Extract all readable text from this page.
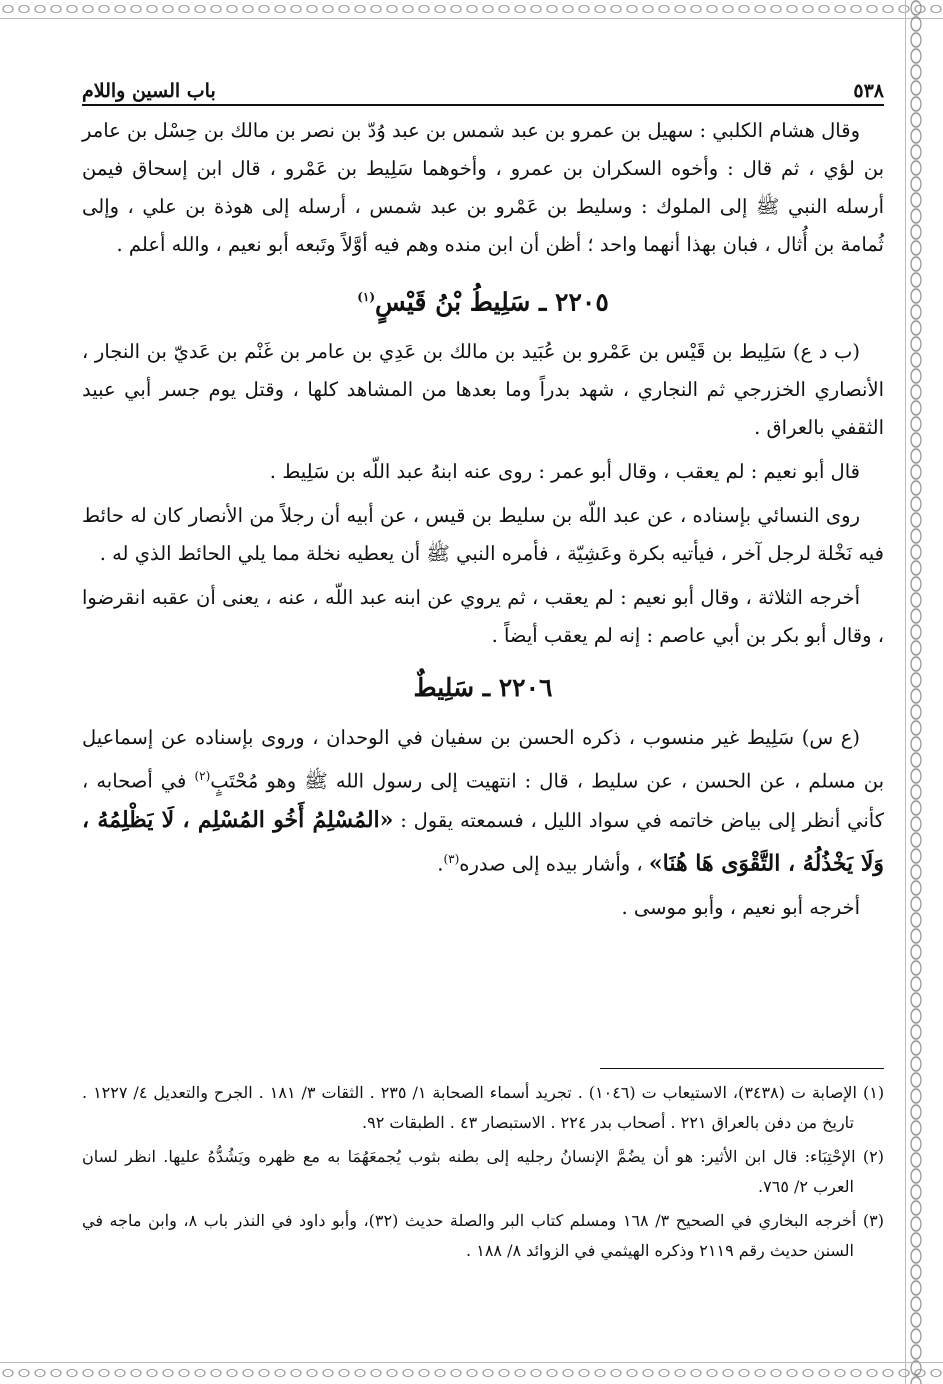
٥٣٨
باب السين واللام

وقال هشام الكلبي : سهيل بن عمرو بن عبد شمس بن عبد وُدّ بن نصر بن مالك بن حِسْل بن عامر بن لؤي ، ثم قال : وأخوه السكران بن عمرو ، وأخوهما سَلِيط بن عَمْرو ، قال ابن إسحاق فيمن أرسله النبي ﷺ إلى الملوك : وسليط بن عَمْرو بن عبد شمس ، أرسله إلى هوذة بن علي ، وإلى ثُمامة بن أُثال ، فبان بهذا أنهما واحد ؛ أظن أن ابن منده وهم فيه أوَّلاً وتَبعه أبو نعيم ، والله أعلم .

٢٢٠٥ ـ سَلِيطُ بْنُ قَيْسٍ$^{(١)}$

(ب د ع) سَلِيط بن قَيْس بن عَمْرو بن عُبَيد بن مالك بن عَدِي بن عامر بن غَنْم بن عَديّ بن النجار ، الأنصاري الخزرجي ثم النجاري ، شهد بدراً وما بعدها من المشاهد كلها ، وقتل يوم جسر أبي عبيد الثقفي بالعراق .

قال أبو نعيم : لم يعقب ، وقال أبو عمر : روى عنه ابنهُ عبد اللّه بن سَلِيط .

روى النسائي بإسناده ، عن عبد اللّه بن سليط بن قيس ، عن أبيه أن رجلاً من الأنصار كان له حائط فيه نَخْلة لرجل آخر ، فيأتيه بكرة وعَشِيّة ، فأمره النبي ﷺ أن يعطيه نخلة مما يلي الحائط الذي له .

أخرجه الثلاثة ، وقال أبو نعيم : لم يعقب ، ثم يروي عن ابنه عبد اللّه ، عنه ، يعنى أن عقبه انقرضوا ، وقال أبو بكر بن أبي عاصم : إنه لم يعقب أيضاً .

٢٢٠٦ ـ سَلِيطٌ

(ع س) سَلِيط غير منسوب ، ذكره الحسن بن سفيان في الوحدان ، وروى بإسناده عن إسماعيل بن مسلم ، عن الحسن ، عن سليط ، قال : انتهيت إلى رسول الله ﷺ وهو مُحْتَبٍ$^{(٢)}$ في أصحابه ، كأني أنظر إلى بياض خاتمه في سواد الليل ، فسمعته يقول : «المُسْلِمُ أَخُو المُسْلِم ، لَا يَظْلِمُهُ ، وَلَا يَخْذُلُهُ ، التَّقْوَى هَا هُنَا» ، وأشار بيده إلى صدره$^{(٣)}$.

أخرجه أبو نعيم ، وأبو موسى .

(١) الإصابة ت (٣٤٣٨)، الاستيعاب ت (١٠٤٦) . تجريد أسماء الصحابة ١/ ٢٣٥ . الثقات ٣/ ١٨١ . الجرح والتعديل ٤/ ١٢٢٧ . تاريخ من دفن بالعراق ٢٢١ . أصحاب بدر ٢٢٤ . الاستبصار ٤٣ . الطبقات ٩٢.

(٢) الإحْتِبَاء: قال ابن الأثير: هو أن يضُمَّ الإنسانُ رجليه إلى بطنه بثوب يُجمعَهُمَا به مع ظهره ويَشُدُّهُ عليها. انظر لسان العرب ٢/ ٧٦٥.

(٣) أخرجه البخاري في الصحيح ٣/ ١٦٨ ومسلم كتاب البر والصلة حديث (٣٢)، وأبو داود في النذر باب ٨، وابن ماجه في السنن حديث رقم ٢١١٩ وذكره الهيثمي في الزوائد ٨/ ١٨٨ .
